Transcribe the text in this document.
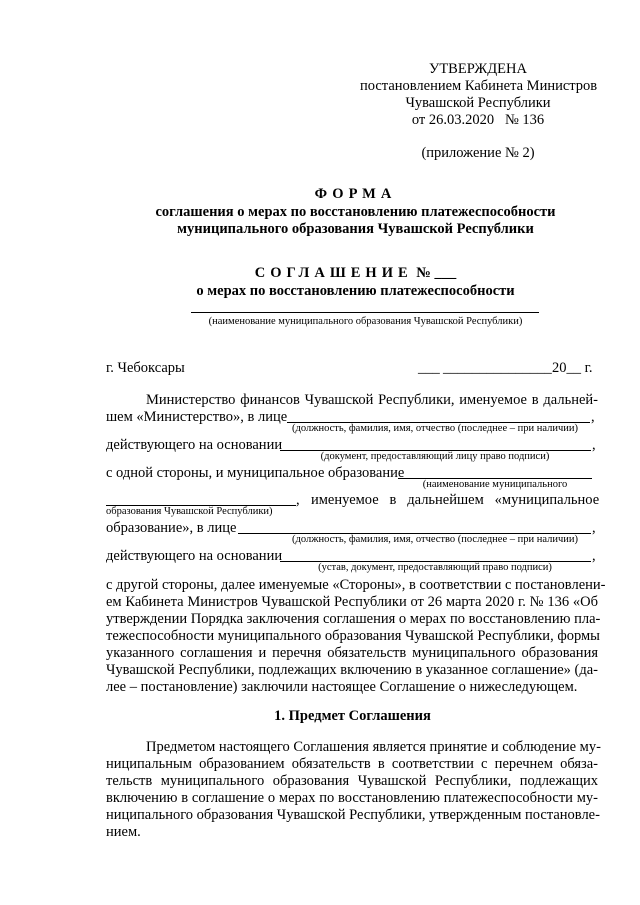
УТВЕРЖДЕНА
постановлением Кабинета Министров
Чувашской Республики
от 26.03.2020   № 136
(приложение № 2)
ФОРМА
соглашения о мерах по восстановлению платежеспособности
муниципального образования Чувашской Республики
СОГЛАШЕНИЕ № ___
о мерах по восстановлению платежеспособности
(наименование муниципального образования Чувашской Республики)
г. Чебоксары	___ _______________ 20__ г.
Министерство финансов Чувашской Республики, именуемое в дальней-
шем «Министерство», в лице	,
(должность, фамилия, имя, отчество (последнее – при наличии)
действующего на основании	,
(документ, предоставляющий лицу право подписи)
с одной стороны, и муниципальное образование
(наименование муниципального
, именуемое   в   дальнейшем   «муниципальное
образования Чувашской Республики)
образование», в лице	,
(должность, фамилия, имя, отчество (последнее – при наличии)
действующего на основании	,
(устав, документ, предоставляющий право подписи)
с другой стороны, далее именуемые «Стороны», в соответствии с постановлени-
ем Кабинета Министров Чувашской Республики от 26 марта 2020 г. № 136 «Об
утверждении Порядка заключения соглашения о мерах по восстановлению пла-
тежеспособности муниципального образования Чувашской Республики, формы
указанного соглашения и перечня обязательств муниципального образования
Чувашской Республики, подлежащих включению в указанное соглашение» (да-
лее – постановление) заключили настоящее Соглашение о нижеследующем.
1. Предмет Соглашения
Предметом настоящего Соглашения является принятие и соблюдение му-
ниципальным образованием обязательств в соответствии с перечнем обяза-
тельств муниципального образования Чувашской Республики, подлежащих
включению в соглашение о мерах по восстановлению платежеспособности му-
ниципального образования Чувашской Республики, утвержденным постановле-
нием.
